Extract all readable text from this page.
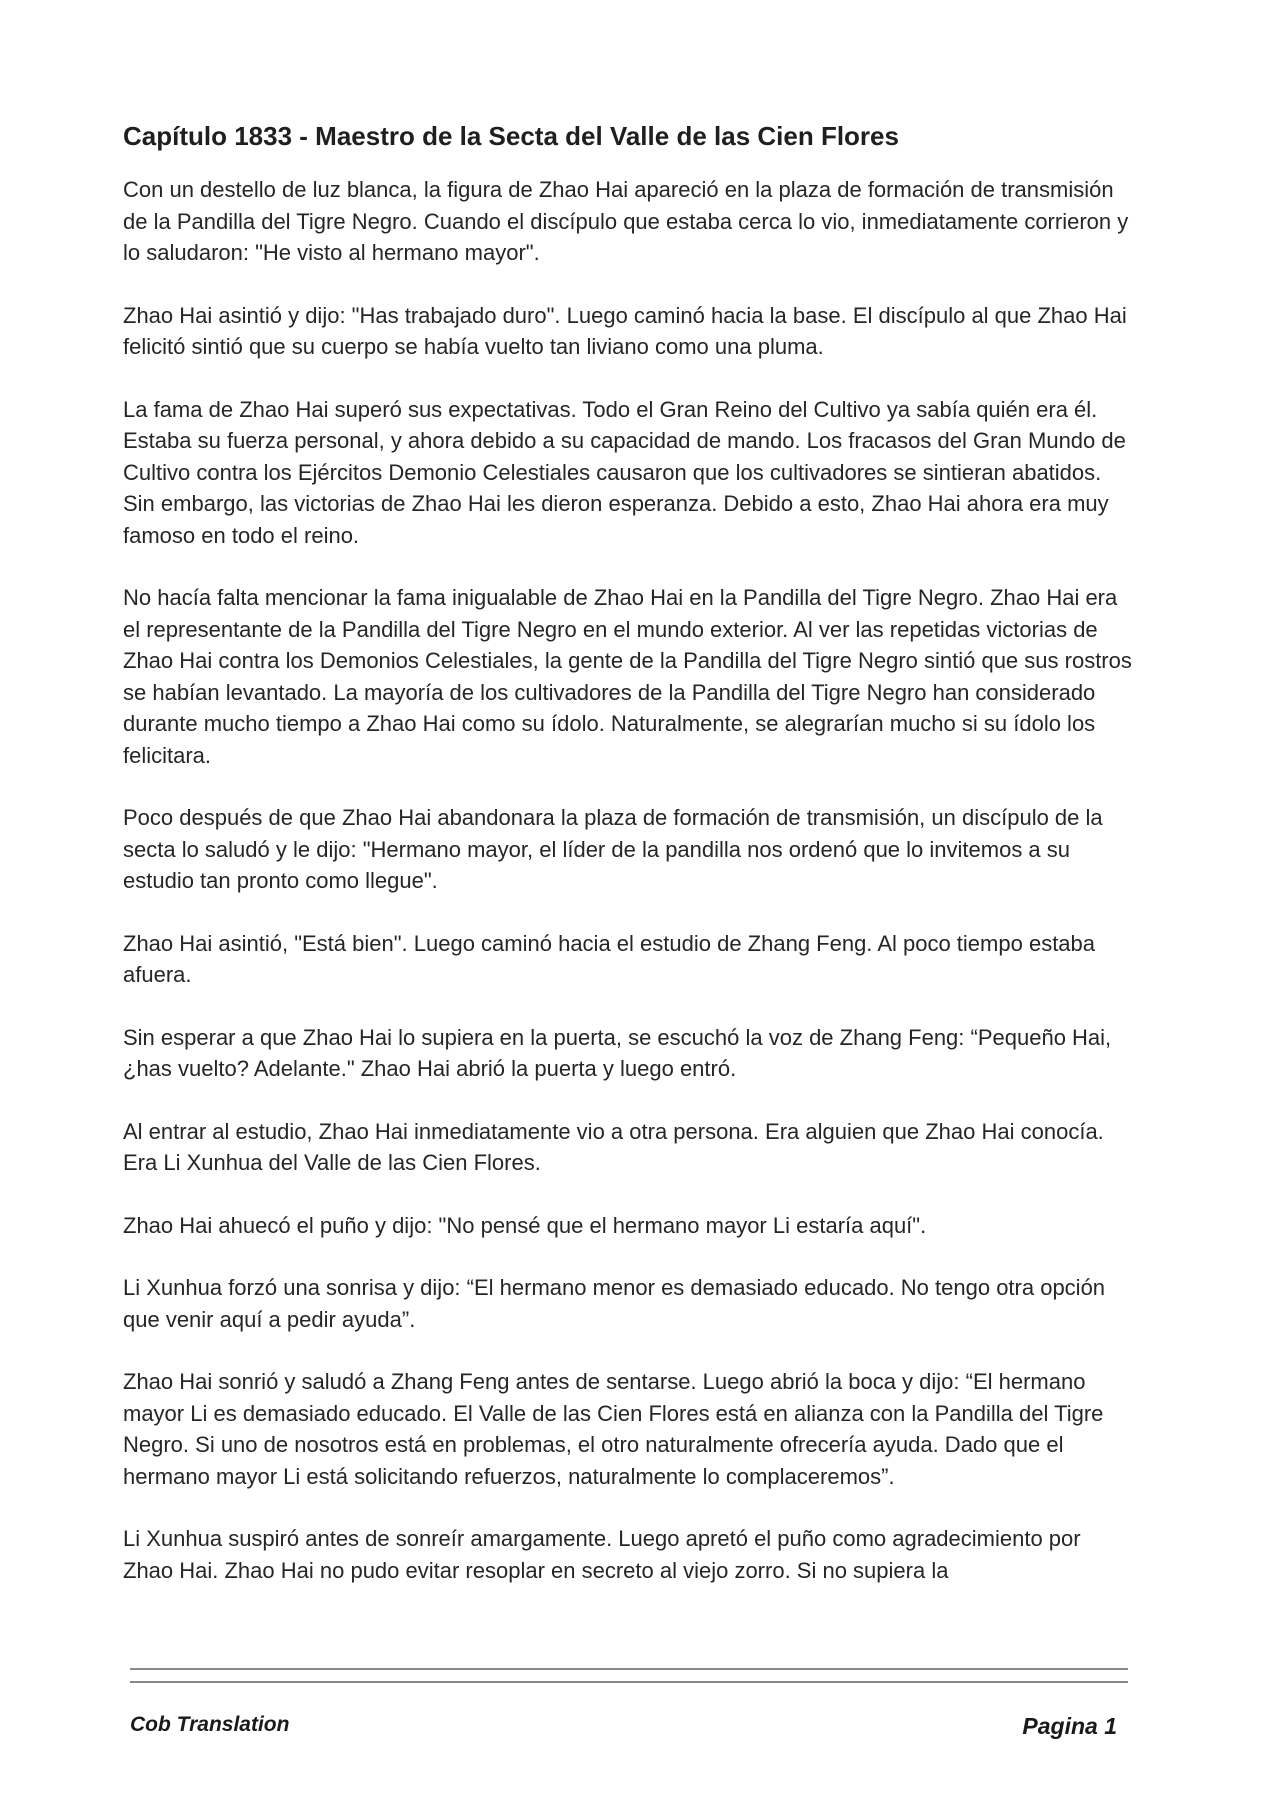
Capítulo 1833 - Maestro de la Secta del Valle de las Cien Flores

Con un destello de luz blanca, la figura de Zhao Hai apareció en la plaza de formación de transmisión de la Pandilla del Tigre Negro. Cuando el discípulo que estaba cerca lo vio, inmediatamente corrieron y lo saludaron: "He visto al hermano mayor".

Zhao Hai asintió y dijo: "Has trabajado duro". Luego caminó hacia la base. El discípulo al que Zhao Hai felicitó sintió que su cuerpo se había vuelto tan liviano como una pluma.

La fama de Zhao Hai superó sus expectativas. Todo el Gran Reino del Cultivo ya sabía quién era él. Estaba su fuerza personal, y ahora debido a su capacidad de mando. Los fracasos del Gran Mundo de Cultivo contra los Ejércitos Demonio Celestiales causaron que los cultivadores se sintieran abatidos. Sin embargo, las victorias de Zhao Hai les dieron esperanza. Debido a esto, Zhao Hai ahora era muy famoso en todo el reino.

No hacía falta mencionar la fama inigualable de Zhao Hai en la Pandilla del Tigre Negro. Zhao Hai era el representante de la Pandilla del Tigre Negro en el mundo exterior. Al ver las repetidas victorias de Zhao Hai contra los Demonios Celestiales, la gente de la Pandilla del Tigre Negro sintió que sus rostros se habían levantado. La mayoría de los cultivadores de la Pandilla del Tigre Negro han considerado durante mucho tiempo a Zhao Hai como su ídolo. Naturalmente, se alegrarían mucho si su ídolo los felicitara.

Poco después de que Zhao Hai abandonara la plaza de formación de transmisión, un discípulo de la secta lo saludó y le dijo: "Hermano mayor, el líder de la pandilla nos ordenó que lo invitemos a su estudio tan pronto como llegue".

Zhao Hai asintió, "Está bien". Luego caminó hacia el estudio de Zhang Feng. Al poco tiempo estaba afuera.

Sin esperar a que Zhao Hai lo supiera en la puerta, se escuchó la voz de Zhang Feng: “Pequeño Hai, ¿has vuelto? Adelante." Zhao Hai abrió la puerta y luego entró.

Al entrar al estudio, Zhao Hai inmediatamente vio a otra persona. Era alguien que Zhao Hai conocía. Era Li Xunhua del Valle de las Cien Flores.

Zhao Hai ahuecó el puño y dijo: "No pensé que el hermano mayor Li estaría aquí".

Li Xunhua forzó una sonrisa y dijo: “El hermano menor es demasiado educado. No tengo otra opción que venir aquí a pedir ayuda”.

Zhao Hai sonrió y saludó a Zhang Feng antes de sentarse. Luego abrió la boca y dijo: “El hermano mayor Li es demasiado educado. El Valle de las Cien Flores está en alianza con la Pandilla del Tigre Negro. Si uno de nosotros está en problemas, el otro naturalmente ofrecería ayuda. Dado que el hermano mayor Li está solicitando refuerzos, naturalmente lo complaceremos”.

Li Xunhua suspiró antes de sonreír amargamente. Luego apretó el puño como agradecimiento por Zhao Hai. Zhao Hai no pudo evitar resoplar en secreto al viejo zorro. Si no supiera la

Cob Translation	Pagina 1
